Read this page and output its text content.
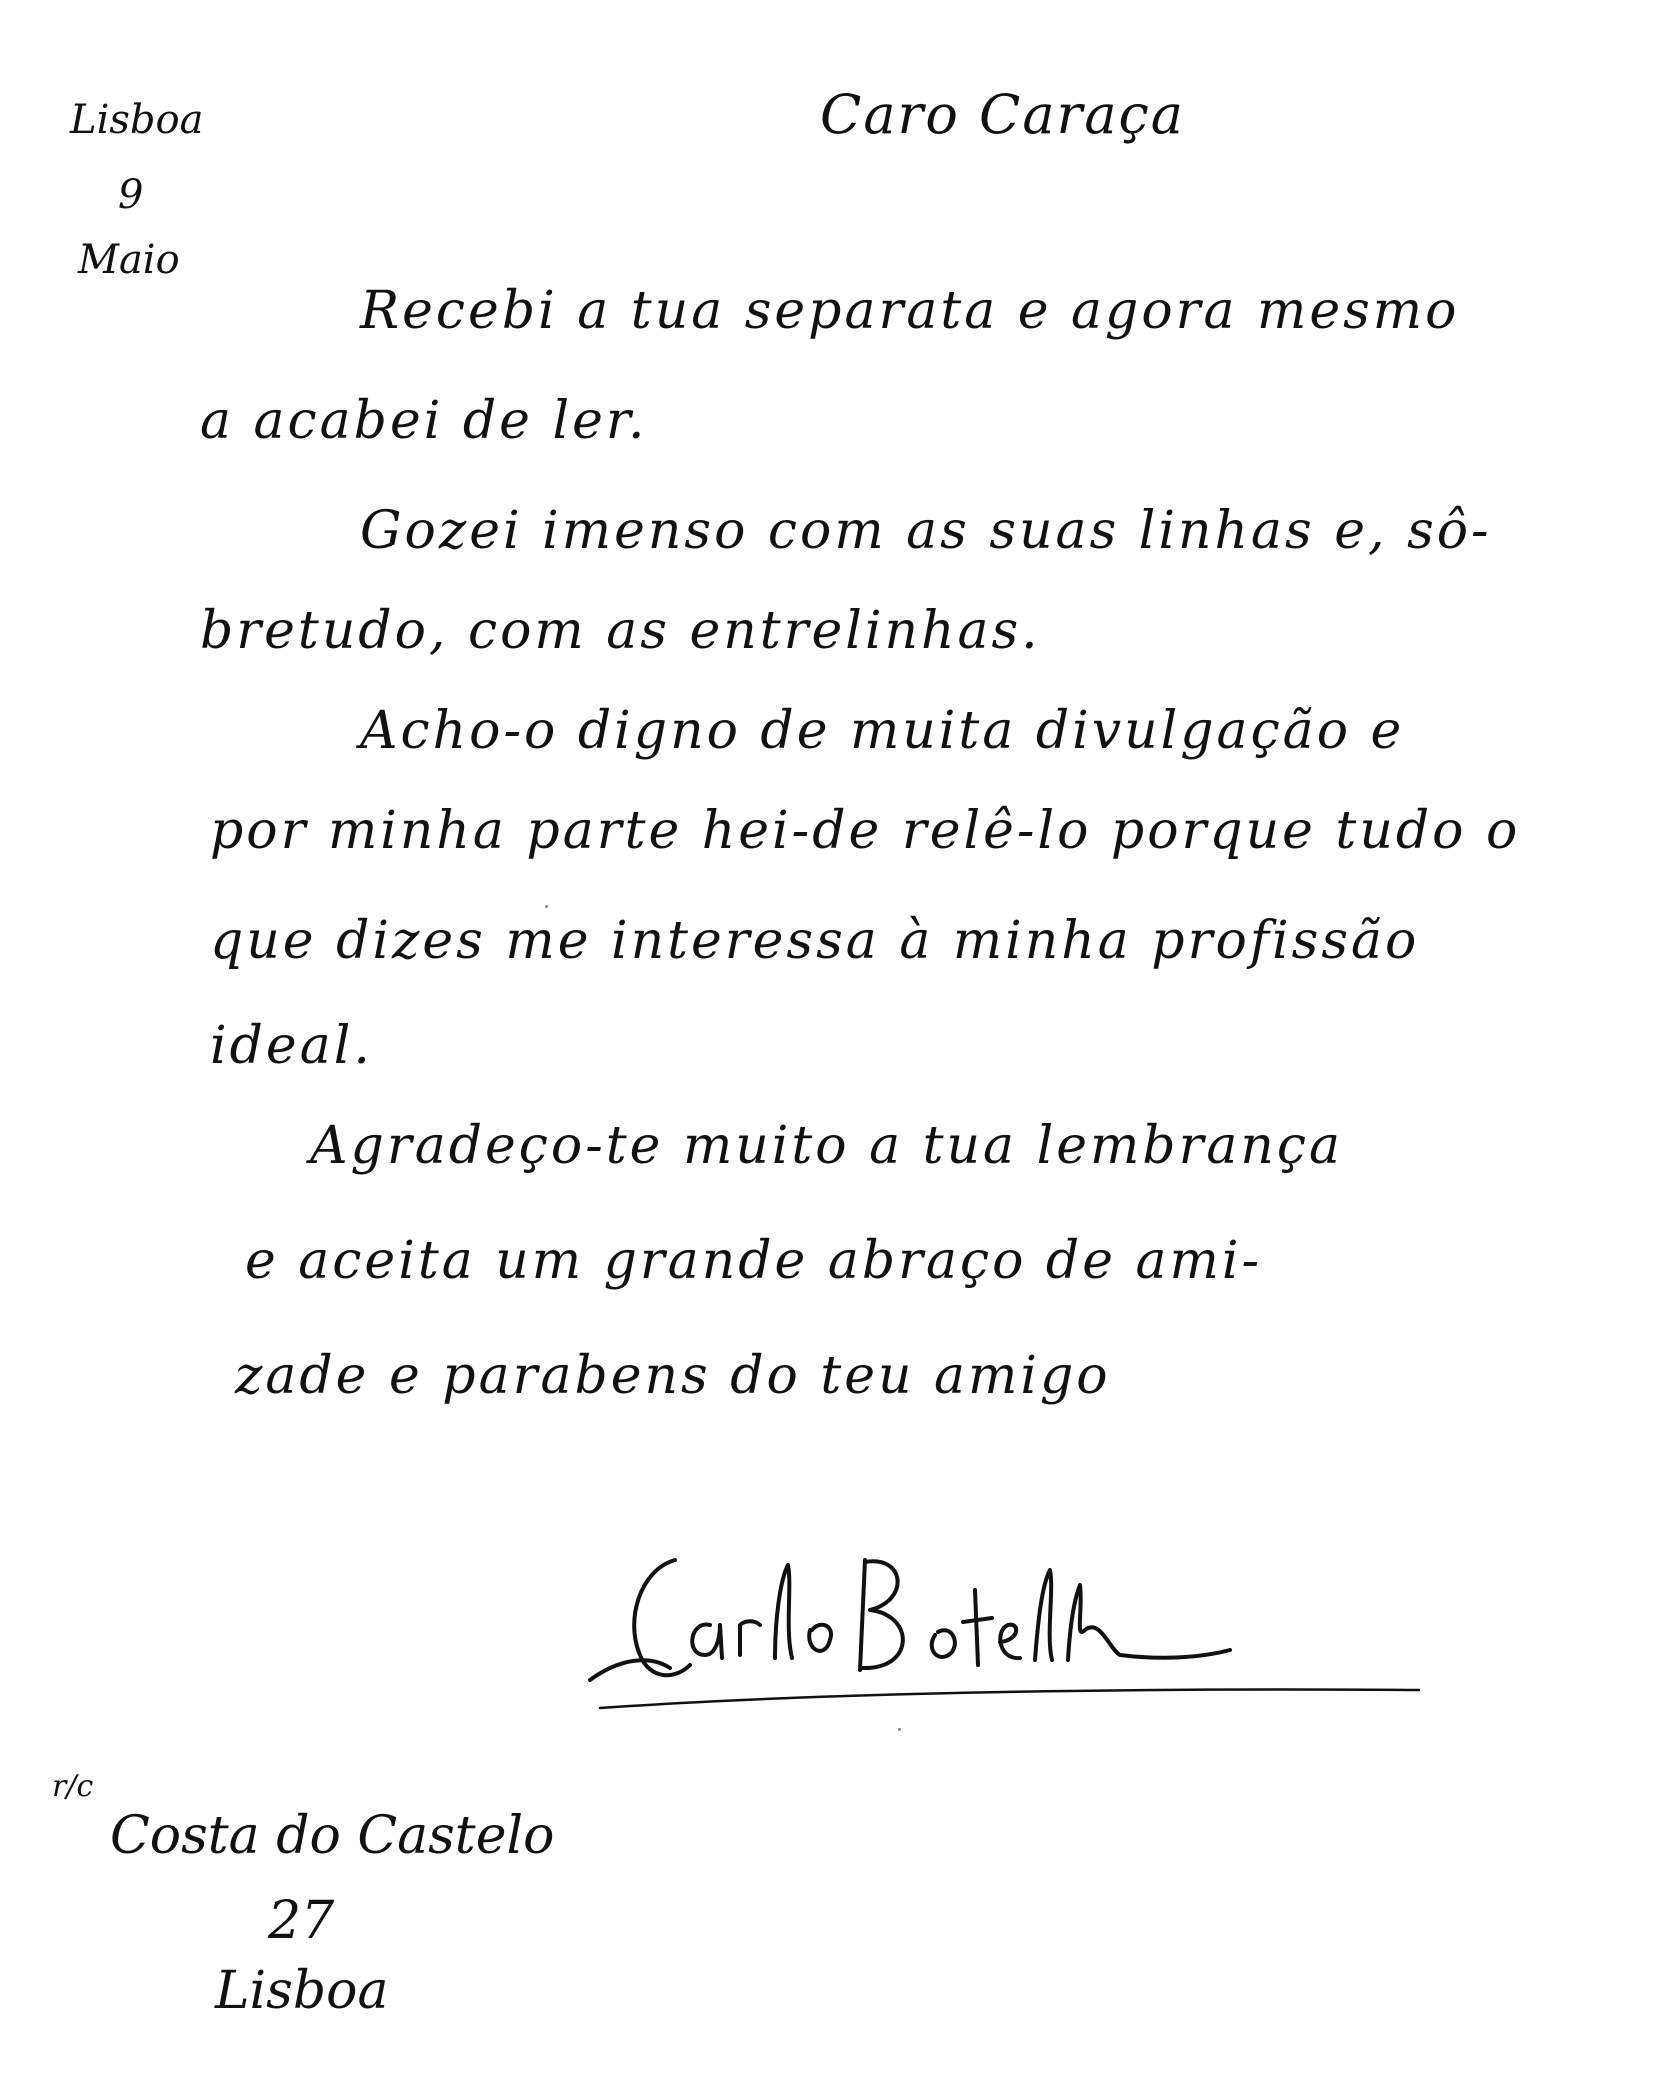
Lisboa
9
Maio
Caro Caraça
Recebi a tua separata e agora mesmo
a acabei de ler.
Gozei imenso com as suas linhas e, sô-
bretudo, com as entrelinhas.
Acho-o digno de muita divulgação e
por minha parte hei-de relê-lo porque tudo o
que dizes me interessa à minha profissão
ideal.
Agradeço-te muito a tua lembrança
e aceita um grande abraço de ami-
zade e parabens do teu amigo
r/c
Costa do Castelo
27
Lisboa
